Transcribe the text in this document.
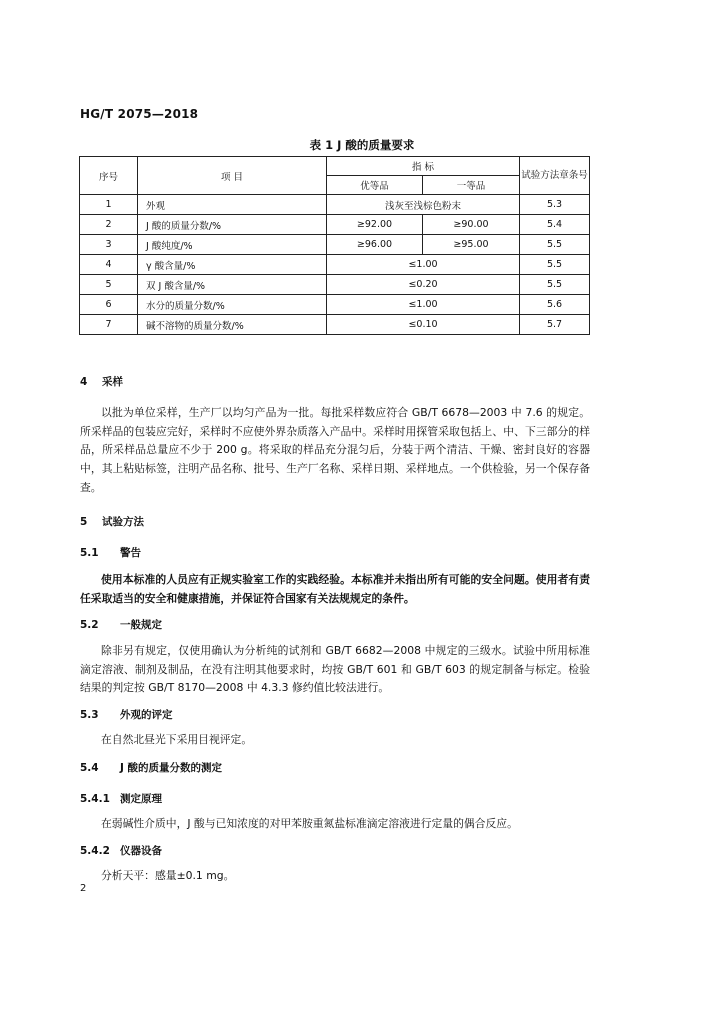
HG/T 2075—2018
表 1 J 酸的质量要求
序号	项 目	指 标		试验方法章条号
		优等品	一等品	
1	外观	浅灰至浅棕色粉末		5.3
2	J 酸的质量分数/%	≥92.00	≥90.00	5.4
3	J 酸纯度/%	≥96.00	≥95.00	5.5
4	γ 酸含量/%	≤1.00		5.5
5	双 J 酸含量/%	≤0.20		5.5
6	水分的质量分数/%	≤1.00		5.6
7	碱不溶物的质量分数/%	≤0.10		5.7
4 采样

以批为单位采样，生产厂以均匀产品为一批。每批采样数应符合 GB/T 6678—2003 中 7.6 的规定。所采样品的包装应完好，采样时不应使外界杂质落入产品中。采样时用探管采取包括上、中、下三部分的样品，所采样品总量应不少于 200 g。将采取的样品充分混匀后，分装于两个清洁、干燥、密封良好的容器中，其上粘贴标签，注明产品名称、批号、生产厂名称、采样日期、采样地点。一个供检验，另一个保存备查。

5 试验方法
5.1 警告

使用本标准的人员应有正规实验室工作的实践经验。本标准并未指出所有可能的安全问题。使用者有责任采取适当的安全和健康措施，并保证符合国家有关法规规定的条件。

5.2 一般规定

除非另有规定，仅使用确认为分析纯的试剂和 GB/T 6682—2008 中规定的三级水。试验中所用标准滴定溶液、制剂及制品，在没有注明其他要求时，均按 GB/T 601 和 GB/T 603 的规定制备与标定。检验结果的判定按 GB/T 8170—2008 中 4.3.3 修约值比较法进行。

5.3 外观的评定

在自然北昼光下采用目视评定。

5.4 J 酸的质量分数的测定
5.4.1 测定原理

在弱碱性介质中，J 酸与已知浓度的对甲苯胺重氮盐标准滴定溶液进行定量的偶合反应。

5.4.2 仪器设备

分析天平：感量±0.1 mg。

2
